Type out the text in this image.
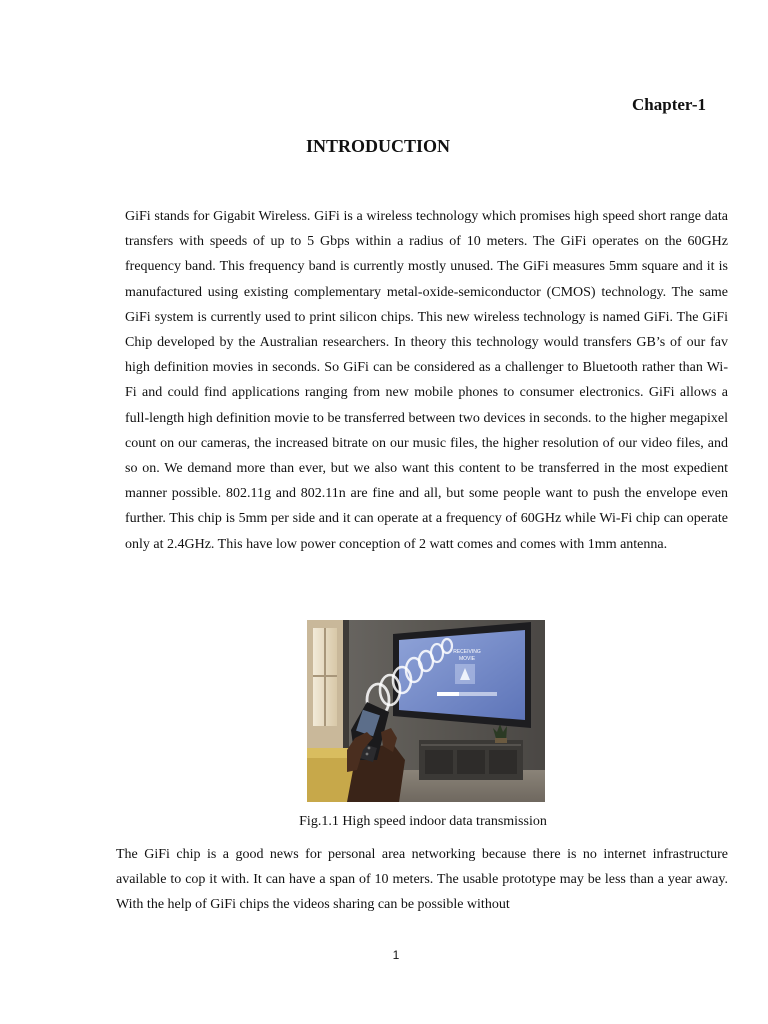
Chapter-1

INTRODUCTION

GiFi stands for Gigabit Wireless. GiFi is a wireless technology which promises high speed short range data transfers with speeds of up to 5 Gbps within a radius of 10 meters. The GiFi operates on the 60GHz frequency band. This frequency band is currently mostly unused. The GiFi measures 5mm square and it is manufactured using existing complementary metal-oxide-semiconductor (CMOS) technology. The same GiFi system is currently used to print silicon chips. This new wireless technology is named GiFi. The GiFi Chip developed by the Australian researchers. In theory this technology would transfers GB’s of our fav high definition movies in seconds. So GiFi can be considered as a challenger to Bluetooth rather than Wi-Fi and could find applications ranging from new mobile phones to consumer electronics. GiFi allows a full-length high definition movie to be transferred between two devices in seconds. to the higher megapixel count on our cameras, the increased bitrate on our music files, the higher resolution of our video files, and so on. We demand more than ever, but we also want this content to be transferred in the most expedient manner possible. 802.11g and 802.11n are fine and all, but some people want to push the envelope even further. This chip is 5mm per side and it can operate at a frequency of 60GHz while Wi-Fi chip can operate only at 2.4GHz. This have low power conception of 2 watt comes and comes with 1mm antenna.

RECEIVING
MOVIE

Fig.1.1 High speed indoor data transmission

The GiFi chip is a good news for personal area networking because there is no internet infrastructure available to cop it with. It can have a span of 10 meters. The usable prototype may be less than a year away. With the help of GiFi chips the videos sharing can be possible without

1
